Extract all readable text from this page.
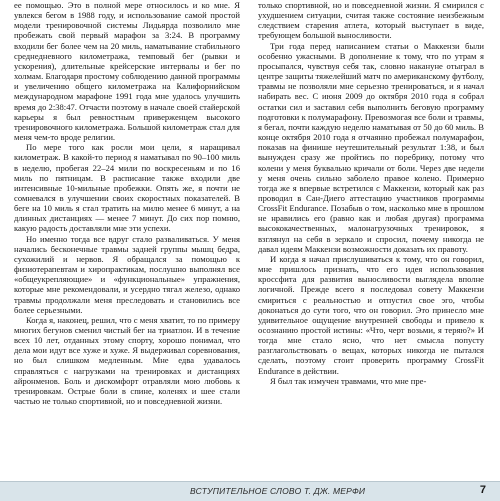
ее помощью. Это в полной мере относилось и ко мне. Я увлекся бегом в 1988 году, и использование самой простой модели тренировочной системы Лидьярда позволило мне пробежать свой первый марафон за 3:24. В программу входили бег более чем на 20 миль, наматывание стабильного среднедневного километража, темповый бег (рывки и ускорения), длительные крейсерские интервалы и бег по холмам. Благодаря простому соблюдению данной программы и увеличению общего километража на Калифорнийском международном марафоне 1991 года мне удалось улучшить время до 2:38:47. Отчасти поэтому в начале своей стайерской карьеры я был ревностным приверженцем высокого тренировочного километража. Большой километраж стал для меня чем-то вроде религии.

По мере того как росли мои цели, я наращивал километраж. В какой-то период я наматывал по 90–100 миль в неделю, пробегая 22–24 мили по воскресеньям и по 16 миль по пятницам. В расписание также входили две интенсивные 10-мильные пробежки. Опять же, я почти не сомневался в улучшении своих скоростных показателей. В беге на 10 миль я стал тратить на милю менее 6 минут, а на длинных дистанциях — менее 7 минут. До сих пор помню, какую радость доставляли мне эти успехи.

Но именно тогда все вдруг стало разваливаться. У меня начались бесконечные травмы задней группы мышц бедра, сухожилий и нервов. Я обращался за помощью к физиотерапевтам и хиропрактикам, послушно выполнял все «общеукрепляющие» и «функциональные» упражнения, которые мне рекомендовали, и усердно тягал железо, однако травмы продолжали меня преследовать и становились все более серьезными.

Когда я, наконец, решил, что с меня хватит, то по примеру многих бегунов сменил чистый бег на триатлон. И в течение всех 10 лет, отданных этому спорту, хорошо понимал, что дела мои идут все хуже и хуже. Я выдерживал соревнования, но был слишком медленным. Мне едва удавалось справляться с нагрузками на тренировках и дистанциях айронменов. Боль и дискомфорт отравляли мою любовь к тренировкам. Острые боли в спине, коленях и шее стали частью не только спортивной, но и повседневной жизни.

только спортивной, но и повседневной жизни. Я смирился с ухудшением ситуации, считая также состояние неизбежным следствием старения атлета, который выступает в виде, требующем большой выносливости.

Три года перед написанием статьи о Маккензи были особенно ужасными. В дополнение к тому, что по утрам я просыпался, чувствуя себя так, словно накануне отыграл в центре защиты тяжелейший матч по американскому футболу, травмы не позволяли мне серьезно тренироваться, и я начал набирать вес. С июня 2009 до октября 2010 года я собрал остатки сил и заставил себя выполнить беговую программу подготовки к полумарафону. Превозмогая все боли и травмы, я бегал, почти каждую неделю наматывая от 50 до 60 миль. В конце октября 2010 года я отчаянно пробежал полумарафон, показав на финише неутешительный результат 1:38, и был вынужден сразу же пройтись по поребрику, потому что колени у меня буквально кричали от боли. Через две недели у меня очень сильно заболело правое колено. Примерно тогда же я впервые встретился с Маккензи, который как раз проводил в Сан-Диего аттестацию участников программы CrossFit Endurance. Позабыв о том, насколько мне в прошлом не нравились его (равно как и любая другая) программа высококачественных, малонагрузочных тренировок, я взглянул на себя в зеркало и спросил, почему никогда не давал идеям Маккензи возможности доказать их правоту.

И когда я начал прислушиваться к тому, что он говорил, мне пришлось признать, что его идея использования кроссфита для развития выносливости выглядела вполне логичной. Прежде всего я последовал совету Маккензи смириться с реальностью и отпустил свое эго, чтобы доконаться до сути того, что он говорил. Это принесло мне удивительное ощущение внутренней свободы и привело к осознанию простой истины: «Что, черт возьми, я теряю?» И тогда мне стало ясно, что нет смысла попусту разглагольствовать о вещах, которых никогда не пытался сделать, поэтому стоит проверить программу CrossFit Endurance в действии.

Я был так измучен травмами, что мне пре-

ВСТУПИТЕЛЬНОЕ СЛОВО Т. ДЖ. МЕРФИ	7
